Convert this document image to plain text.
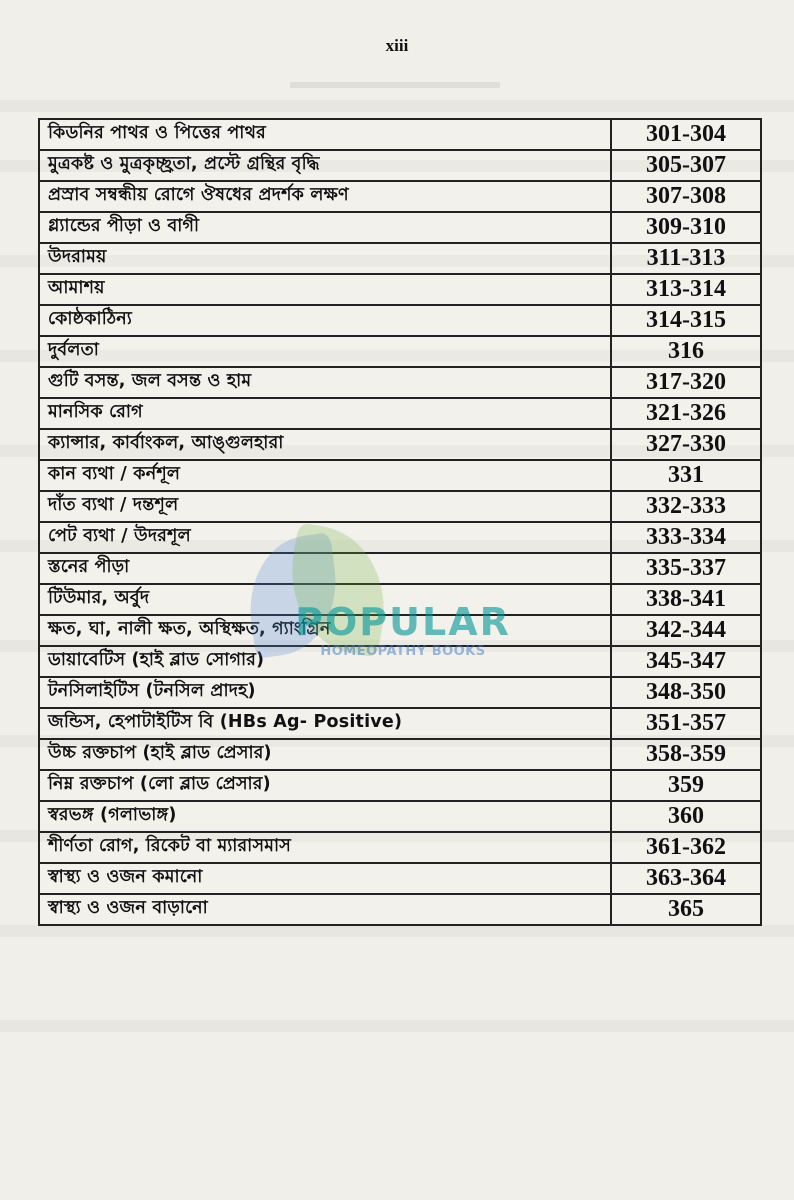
xiii
কিডনির পাথর ও পিত্তের পাথর	301-304
মুত্রকষ্ট ও মুত্রকৃচ্ছ্রতা, প্রস্টে গ্রন্থির বৃদ্ধি	305-307
প্রস্রাব সম্বন্ধীয় রোগে ঔষধের প্রদর্শক লক্ষণ	307-308
গ্ল্যান্ডের পীড়া ও বাগী	309-310
উদরাময়	311-313
আমাশয়	313-314
কোষ্ঠকাঠিন্য	314-315
দুর্বলতা	316
গুটি বসন্ত, জল বসন্ত ও হাম	317-320
মানসিক রোগ	321-326
ক্যান্সার, কার্বাংকল, আঙ্গুলহারা	327-330
কান ব্যথা / কর্নশূল	331
দাঁত ব্যথা / দন্তশূল	332-333
পেট ব্যথা / উদরশূল	333-334
স্তনের পীড়া	335-337
টিউমার, অর্বুদ	338-341
ক্ষত, ঘা, নালী ক্ষত, অস্থিক্ষত, গ্যাংগ্রিন	342-344
ডায়াবেটিস (হাই ব্লাড সোগার)	345-347
টনসিলাইটিস (টনসিল প্রাদহ)	348-350
জন্ডিস, হেপাটাইটিস বি (HBs Ag- Positive)	351-357
উচ্চ রক্তচাপ (হাই ব্লাড প্রেসার)	358-359
নিম্ন রক্তচাপ (লো ব্লাড প্রেসার)	359
স্বরভঙ্গ (গলাভাঙ্গ)	360
শীর্ণতা রোগ, রিকেট বা ম্যারাসমাস	361-362
স্বাস্থ্য ও ওজন কমানো	363-364
স্বাস্থ্য ও ওজন বাড়ানো	365
POPULAR
HOMEOPATHY BOOKS
